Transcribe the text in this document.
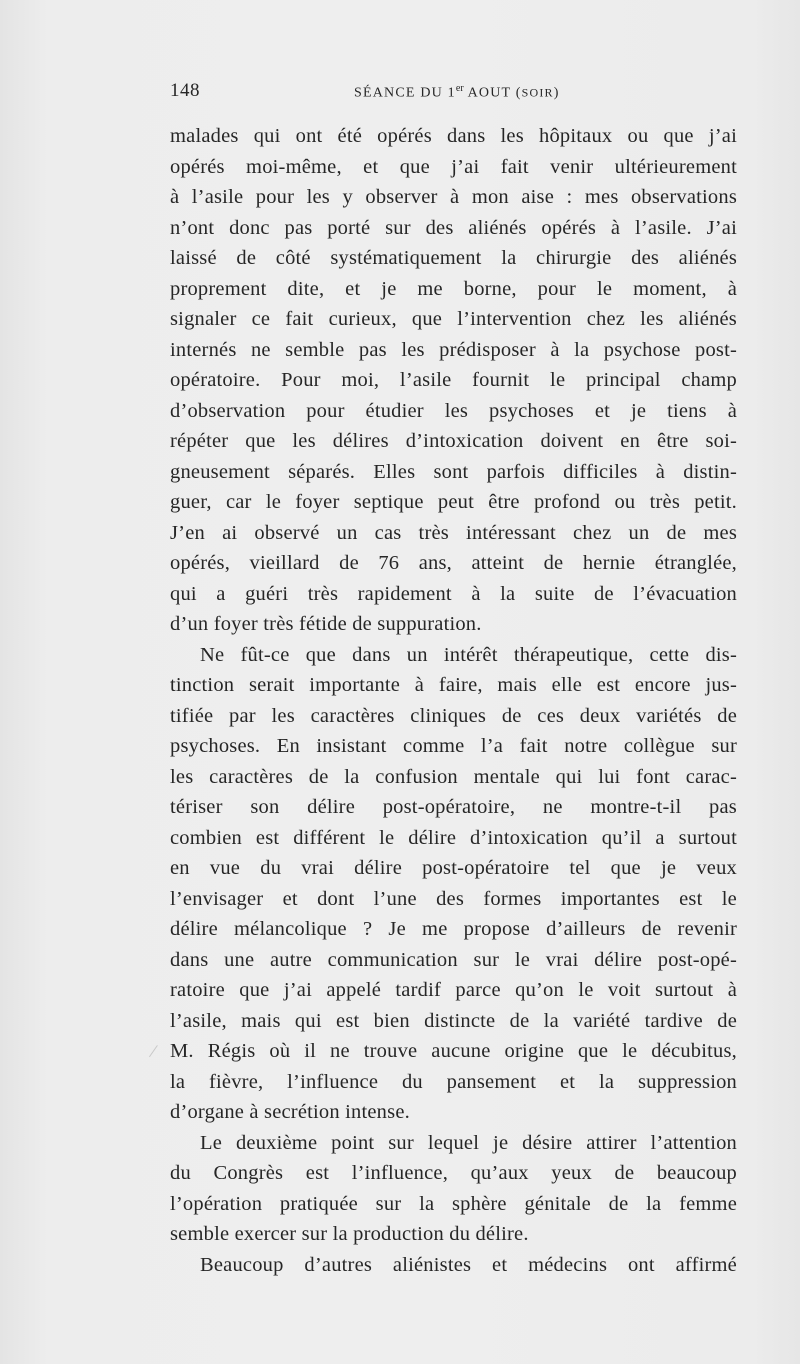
148	SÉANCE DU 1er AOUT (SOIR)
malades qui ont été opérés dans les hôpitaux ou que j’ai
opérés moi-même, et que j’ai fait venir ultérieurement
à l’asile pour les y observer à mon aise : mes observations
n’ont donc pas porté sur des aliénés opérés à l’asile. J’ai
laissé de côté systématiquement la chirurgie des aliénés
proprement dite, et je me borne, pour le moment, à
signaler ce fait curieux, que l’intervention chez les aliénés
internés ne semble pas les prédisposer à la psychose post-
opératoire. Pour moi, l’asile fournit le principal champ
d’observation pour étudier les psychoses et je tiens à
répéter que les délires d’intoxication doivent en être soi-
gneusement séparés. Elles sont parfois difficiles à distin-
guer, car le foyer septique peut être profond ou très petit.
J’en ai observé un cas très intéressant chez un de mes
opérés, vieillard de 76 ans, atteint de hernie étranglée,
qui a guéri très rapidement à la suite de l’évacuation
d’un foyer très fétide de suppuration.
Ne fût-ce que dans un intérêt thérapeutique, cette dis-
tinction serait importante à faire, mais elle est encore jus-
tifiée par les caractères cliniques de ces deux variétés de
psychoses. En insistant comme l’a fait notre collègue sur
les caractères de la confusion mentale qui lui font carac-
tériser son délire post-opératoire, ne montre-t-il pas
combien est différent le délire d’intoxication qu’il a surtout
en vue du vrai délire post-opératoire tel que je veux
l’envisager et dont l’une des formes importantes est le
délire mélancolique ? Je me propose d’ailleurs de revenir
dans une autre communication sur le vrai délire post-opé-
ratoire que j’ai appelé tardif parce qu’on le voit surtout à
l’asile, mais qui est bien distincte de la variété tardive de
M. Régis où il ne trouve aucune origine que le décubitus,
la fièvre, l’influence du pansement et la suppression
d’organe à secrétion intense.
Le deuxième point sur lequel je désire attirer l’attention
du Congrès est l’influence, qu’aux yeux de beaucoup
l’opération pratiquée sur la sphère génitale de la femme
semble exercer sur la production du délire.
Beaucoup d’autres aliénistes et médecins ont affirmé
